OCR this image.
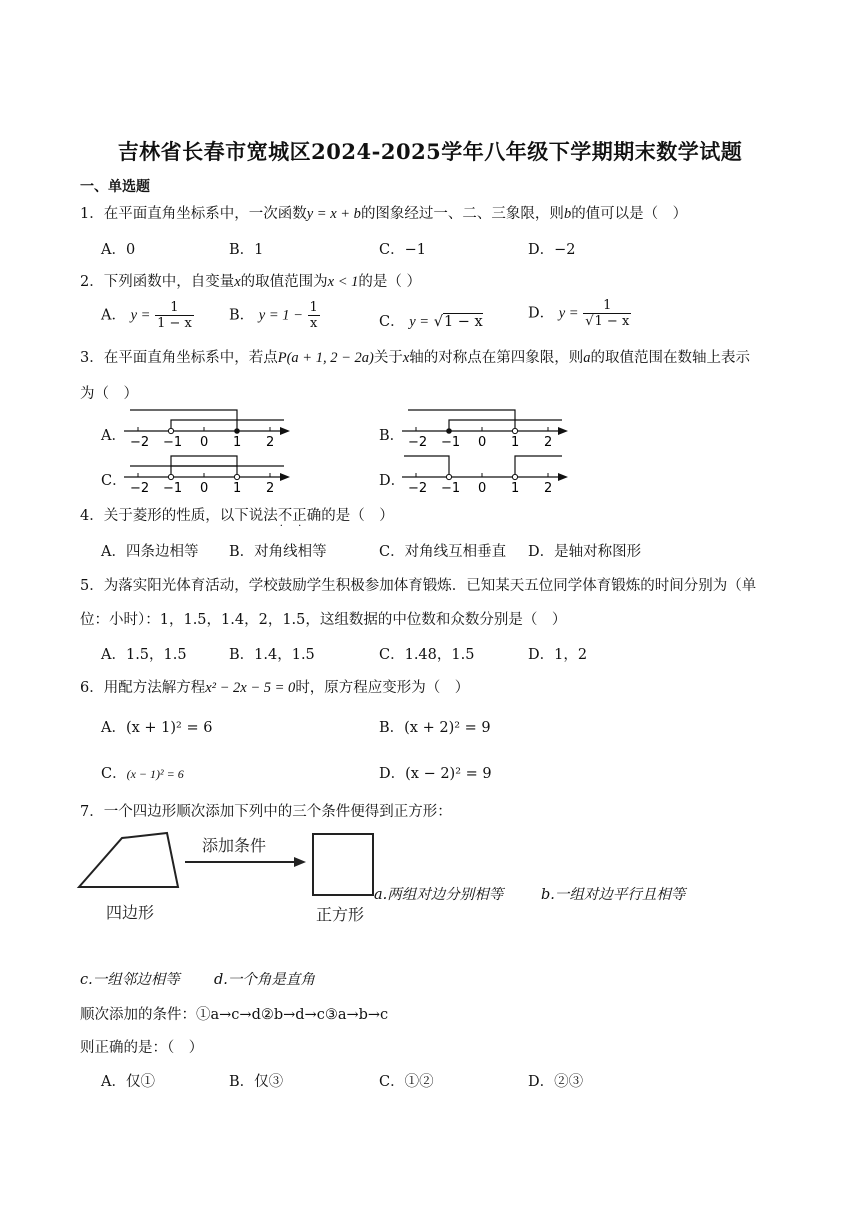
吉林省长春市宽城区2024-2025学年八年级下学期期末数学试题
一、单选题
1．在平面直角坐标系中，一次函数y = x + b的图象经过一、二、三象限，则b的值可以是（　）
A．0	B．1	C．−1	D．−2
2．下列函数中，自变量x的取值范围为x < 1的是（ ）
A． $y = \frac{1}{1 - x}$ B． $y = 1 - \frac{1}{x}$	C． y = √1 − x
D． $y = \frac{1}{√1 - x}$
3．在平面直角坐标系中，若点P(a + 1, 2 − 2a)关于x轴的对称点在第四象限，则a的取值范围在数轴上表示
为（　）
A．	B．
C．	D．
−2 −1 0 1 2	−2 −1 0 1 2
−2 −1 0 1 2	−2 −1 0 1 2
4．关于菱形的性质，以下说法不正确 · ·的是（　）
A．四条边相等 B．对角线相等	C．对角线互相垂直 D．是轴对称图形
5．为落实阳光体育活动，学校鼓励学生积极参加体育锻炼．已知某天五位同学体育锻炼的时间分别为（单
位：小时）：1，1.5，1.4，2，1.5，这组数据的中位数和众数分别是（　）
A．1.5，1.5	B．1.4，1.5	C．1.48，1.5	D．1，2
6．用配方法解方程x² − 2x − 5 = 0时，原方程应变形为（　）
A．(x + 1)² = 6	B．(x + 2)² = 9
C．(x − 1)² = 6	D．(x − 2)² = 9
7．一个四边形顺次添加下列中的三个条件便得到正方形：
四边形
添加条件
正方形
a.两组对边分别相等	b.一组对边平行且相等
c.一组邻边相等 d.一个角是直角
顺次添加的条件：①a→c→d②b→d→c③a→b→c
则正确的是：（　）
A．仅①	B．仅③	C．①②	D．②③
